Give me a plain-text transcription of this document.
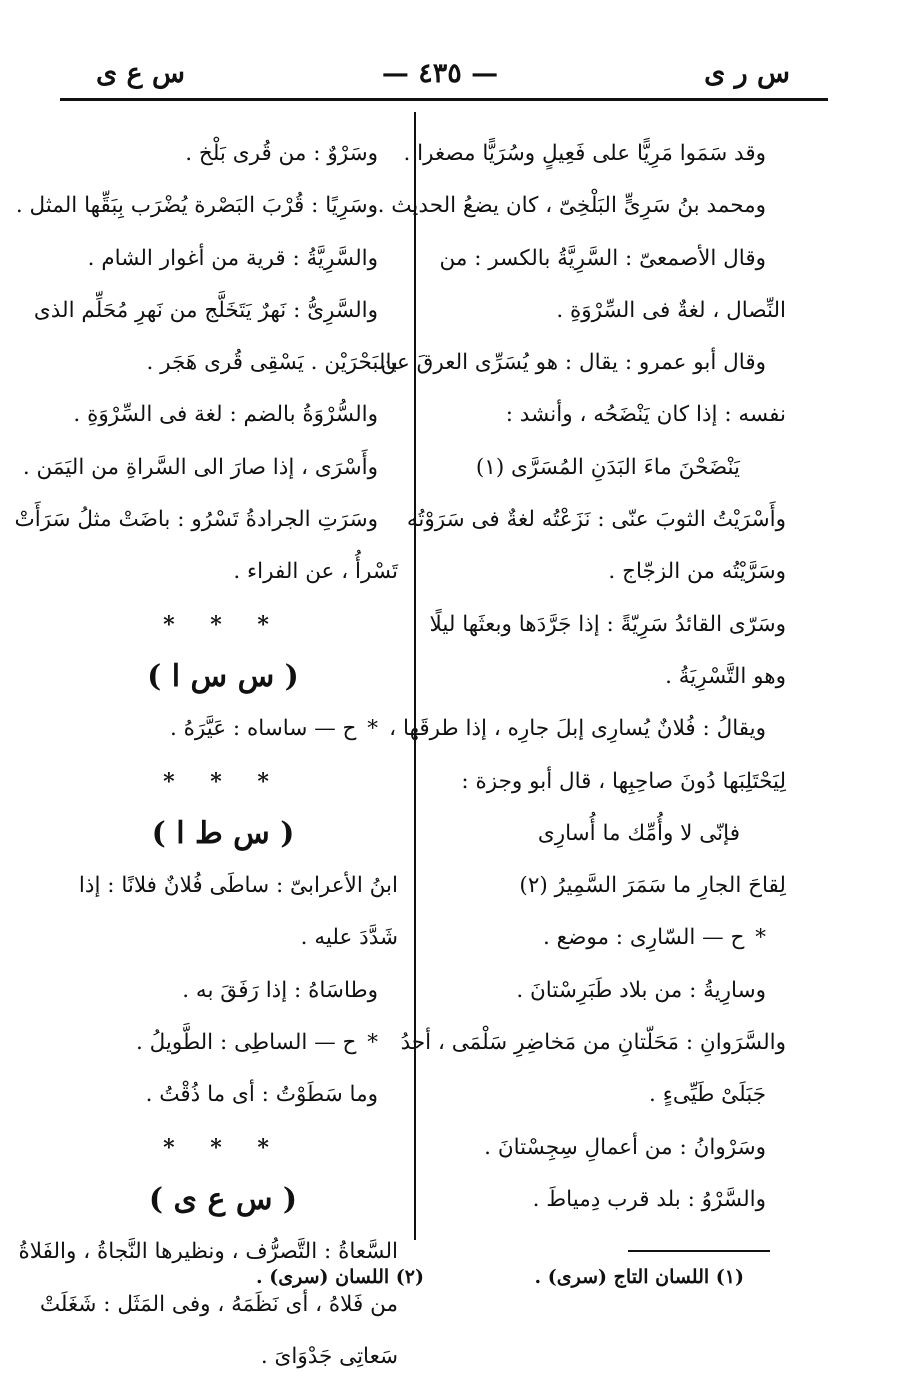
س ر ى
— ٤٣٥ —
س ع ى
وقد سَمَوا مَرِيًّا على فَعِيلٍ وسُرَيًّا مصغرا .
ومحمد بنُ سَرِىٍّ البَلْخِىّ ، كان يضعُ الحديث .
وقال الأصمعىّ : السَّرِيَّةُ بالكسر : من
النِّصال ، لغةٌ فى السِّرْوَةِ .
وقال أبو عمرو : يقال : هو يُسَرِّى العرقَ عن
نفسه : إذا كان يَنْضَحُه ، وأنشد :
يَنْضَحْنَ ماءَ البَدَنِ المُسَرَّى (١)
وأَسْرَيْتُ الثوبَ عنّى : نَزَعْتُه لغةٌ فى سَرَوْتُه
وسَرَّيْتُه من الزجّاج .
وسَرّى القائدُ سَرِيّةً : إذا جَرَّدَها وبعثَها ليلًا
وهو التَّسْرِيَةُ .
ويقالُ : فُلانٌ يُسارِى إبلَ جارِه ، إذا طرقَها ،
لِيَحْتَلِبَها دُونَ صاحِبِها ، قال أبو وجزة :
فإنّى لا وأُمِّك ما أُسارِى
لِقاحَ الجارِ ما سَمَرَ السَّمِيرُ (٢)
* ح — السّارِى : موضع .
وسارِيةُ : من بلاد طَبَرِسْتانَ .
والسَّرَوانِ : مَحَلّتانِ من مَخاضِرِ سَلْمَى ، أحدُ
جَبَلَىْ طَيِّىءٍ .
وسَرْوانُ : من أعمالِ سِجِسْتانَ .
والسَّرْوُ : بلد قرب دِمياطَ .
وسَرْوٌ : من قُرى بَلْخ .
وسَرِيًا : قُرْبَ البَصْرة يُضْرَب بِبَقِّها المثل .
والسَّرِيَّةُ : قرية من أغوار الشام .
والسَّرِىُّ : نَهرٌ يَتَخَلَّج من نَهرِ مُحَلِّم الذى
بالبَحْرَيْن . يَسْقِى قُرى هَجَر .
والسُّرْوَةُ بالضم : لغة فى السِّرْوَةِ .
وأَسْرَى ، إذا صارَ الى السَّراةِ من اليَمَن .
وسَرَتِ الجرادةُ تَسْرُو : باضَتْ مثلُ سَرَأَتْ
تَسْرأُ ، عن الفراء .
* * *
( س س ا )
* ح — ساساه : عَيَّرَهُ .
* * *
( س ط ا )
ابنُ الأعرابىّ : ساطَى فُلانٌ فلانًا : إذا
شَدَّدَ عليه .
وطاسَاهُ : إذا رَفَقَ به .
* ح — الساطِى : الطَّويلُ .
وما سَطَوْتُ : أى ما ذُقْتُ .
* * *
( س ع ى )
السَّعاةُ : التَّصرُّف ، ونظيرها النَّجاةُ ، والفَلاةُ
من فَلاهُ ، أى نَظَمَهُ ، وفى المَثَل : شَغَلَتْ
سَعاتِى جَدْوَاىَ .
(١) اللسان التاج (سرى) .
(٢) اللسان (سرى) .
